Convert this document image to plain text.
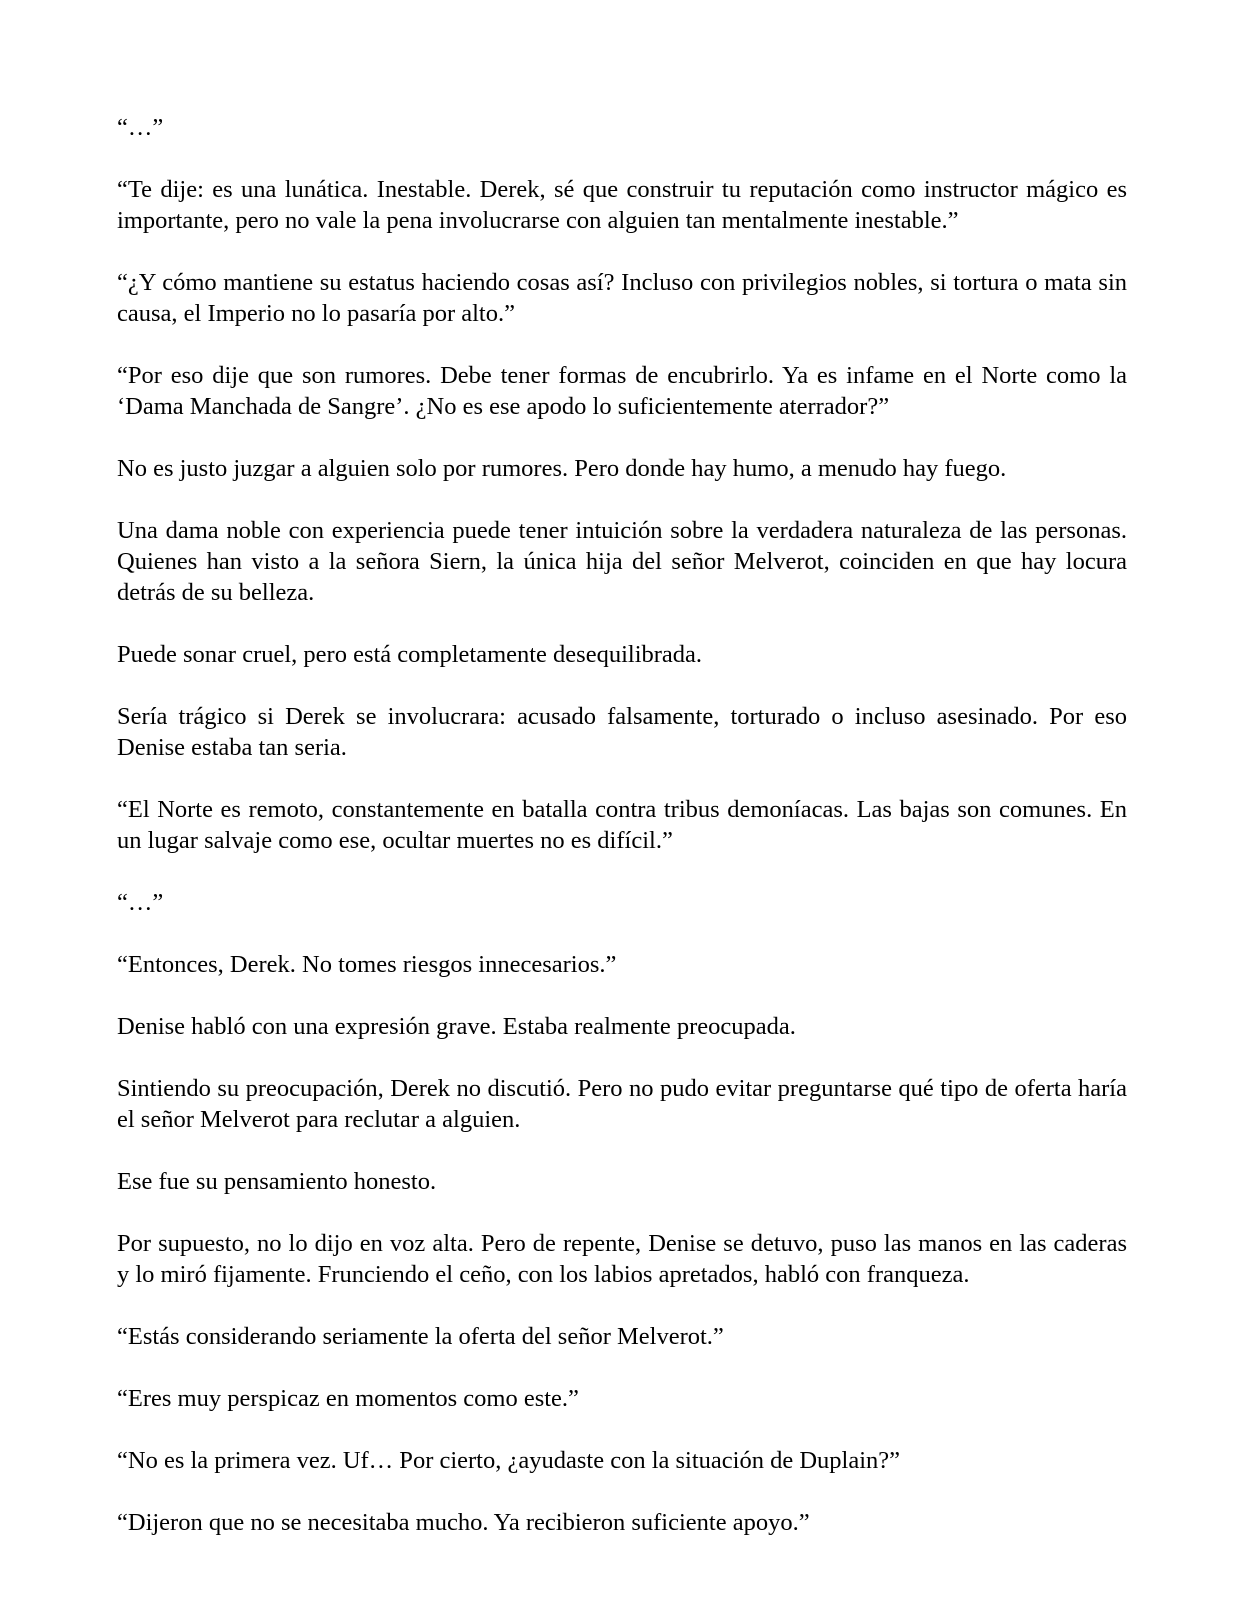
“…”

“Te dije: es una lunática. Inestable. Derek, sé que construir tu reputación como instructor mágico es importante, pero no vale la pena involucrarse con alguien tan mentalmente inestable.”

“¿Y cómo mantiene su estatus haciendo cosas así? Incluso con privilegios nobles, si tortura o mata sin causa, el Imperio no lo pasaría por alto.”

“Por eso dije que son rumores. Debe tener formas de encubrirlo. Ya es infame en el Norte como la ‘Dama Manchada de Sangre’. ¿No es ese apodo lo suficientemente aterrador?”

No es justo juzgar a alguien solo por rumores. Pero donde hay humo, a menudo hay fuego.

Una dama noble con experiencia puede tener intuición sobre la verdadera naturaleza de las personas. Quienes han visto a la señora Siern, la única hija del señor Melverot, coinciden en que hay locura detrás de su belleza.

Puede sonar cruel, pero está completamente desequilibrada.

Sería trágico si Derek se involucrara: acusado falsamente, torturado o incluso asesinado. Por eso Denise estaba tan seria.

“El Norte es remoto, constantemente en batalla contra tribus demoníacas. Las bajas son comunes. En un lugar salvaje como ese, ocultar muertes no es difícil.”

“…”

“Entonces, Derek. No tomes riesgos innecesarios.”

Denise habló con una expresión grave. Estaba realmente preocupada.

Sintiendo su preocupación, Derek no discutió. Pero no pudo evitar preguntarse qué tipo de oferta haría el señor Melverot para reclutar a alguien.

Ese fue su pensamiento honesto.

Por supuesto, no lo dijo en voz alta. Pero de repente, Denise se detuvo, puso las manos en las caderas y lo miró fijamente. Frunciendo el ceño, con los labios apretados, habló con franqueza.

“Estás considerando seriamente la oferta del señor Melverot.”

“Eres muy perspicaz en momentos como este.”

“No es la primera vez. Uf… Por cierto, ¿ayudaste con la situación de Duplain?”

“Dijeron que no se necesitaba mucho. Ya recibieron suficiente apoyo.”
